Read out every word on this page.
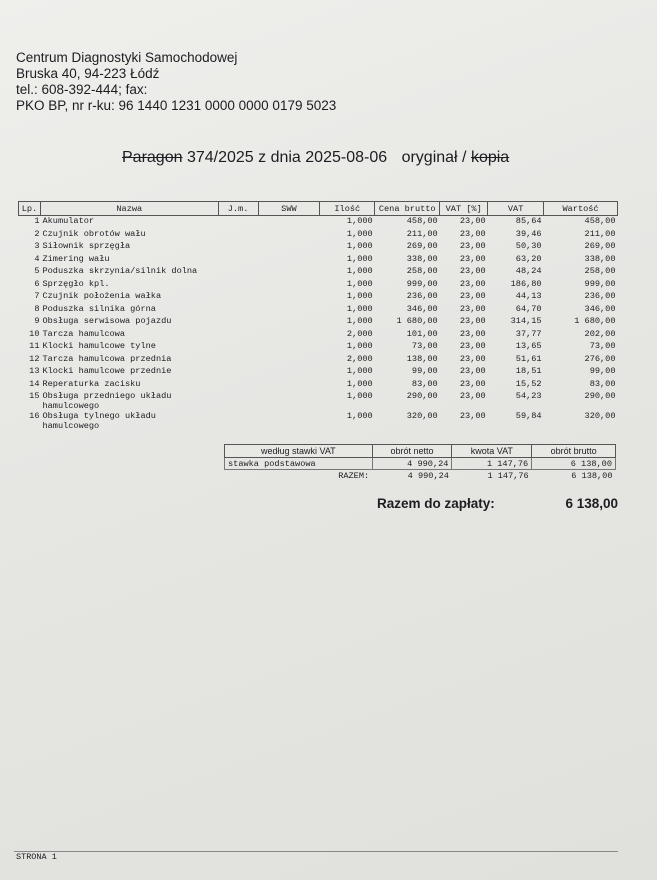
Centrum Diagnostyki Samochodowej
Bruska 40, 94-223 Łódź
tel.: 608-392-444; fax:
PKO BP, nr r-ku: 96 1440 1231 0000 0000 0179 5023
Paragon 374/2025 z dnia 2025-08-06 oryginał / kopia
Lp.	Nazwa	J.m.	SWW	Ilość	Cena brutto	VAT [%]	VAT	Wartość
1	Akumulator			1,000	458,00	23,00	85,64	458,00
2	Czujnik obrotów wału			1,000	211,00	23,00	39,46	211,00
3	Siłownik sprzęgła			1,000	269,00	23,00	50,30	269,00
4	Zimering wału			1,000	338,00	23,00	63,20	338,00
5	Poduszka skrzynia/silnik dolna			1,000	258,00	23,00	48,24	258,00
6	Sprzęgło kpl.			1,000	999,00	23,00	186,80	999,00
7	Czujnik położenia wałka			1,000	236,00	23,00	44,13	236,00
8	Poduszka silnika górna			1,000	346,00	23,00	64,70	346,00
9	Obsługa serwisowa pojazdu			1,000	1 680,00	23,00	314,15	1 680,00
10	Tarcza hamulcowa			2,000	101,00	23,00	37,77	202,00
11	Klocki hamulcowe tylne			1,000	73,00	23,00	13,65	73,00
12	Tarcza hamulcowa przednia			2,000	138,00	23,00	51,61	276,00
13	Klocki hamulcowe przednie			1,000	99,00	23,00	18,51	99,00
14	Reperaturka zacisku			1,000	83,00	23,00	15,52	83,00
15	Obsługa przedniego układu hamulcowego			1,000	290,00	23,00	54,23	290,00
16	Obsługa tylnego układu hamulcowego			1,000	320,00	23,00	59,84	320,00
według stawki VAT	obrót netto	kwota VAT	obrót brutto
stawka podstawowa	4 990,24	1 147,76	6 138,00
RAZEM:	4 990,24	1 147,76	6 138,00
Razem do zapłaty:	6 138,00
STRONA 1
